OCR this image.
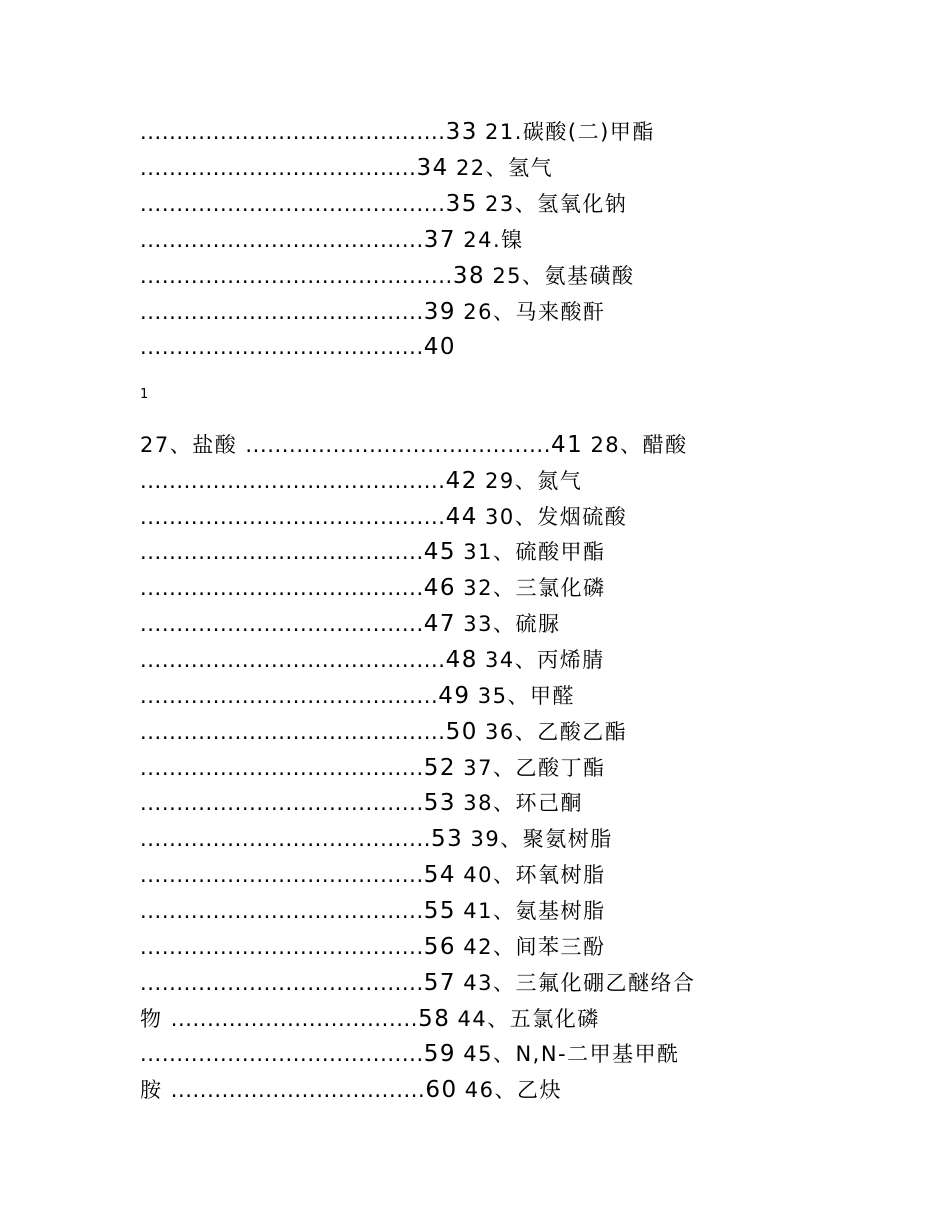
..........................................33 21.碳酸(二)甲酯
......................................34 22、氢气
..........................................35 23、氢氧化钠
.......................................37 24.镍
...........................................38 25、氨基磺酸
.......................................39 26、马来酸酐
.......................................40
1
27、盐酸 ..........................................41 28、醋酸
..........................................42 29、氮气
..........................................44 30、发烟硫酸
.......................................45 31、硫酸甲酯
.......................................46 32、三氯化磷
.......................................47 33、硫脲
..........................................48 34、丙烯腈
.........................................49 35、甲醛
..........................................50 36、乙酸乙酯
.......................................52 37、乙酸丁酯
.......................................53 38、环己酮
........................................53 39、聚氨树脂
.......................................54 40、环氧树脂
.......................................55 41、氨基树脂
.......................................56 42、间苯三酚
.......................................57 43、三氟化硼乙醚络合
物 ..................................58 44、五氯化磷
.......................................59 45、N,N-二甲基甲酰
胺 ...................................60 46、乙炔
